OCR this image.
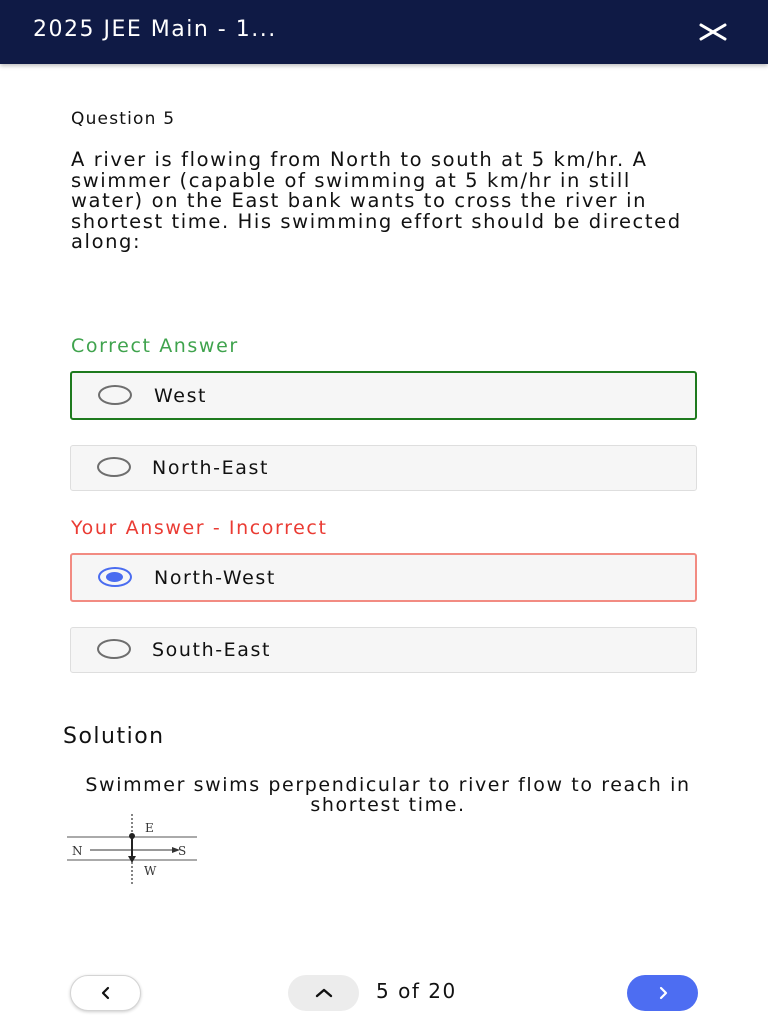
2025 JEE Main - 1...
Question 5
A river is flowing from North to south at 5 km/hr. A swimmer (capable of swimming at 5 km/hr in still water) on the East bank wants to cross the river in shortest time. His swimming effort should be directed along:
Correct Answer
West
North-East
Your Answer - Incorrect
North-West
South-East
Solution
Swimmer swims perpendicular to river flow to reach in shortest time.
E
N	S
W
5 of 20
